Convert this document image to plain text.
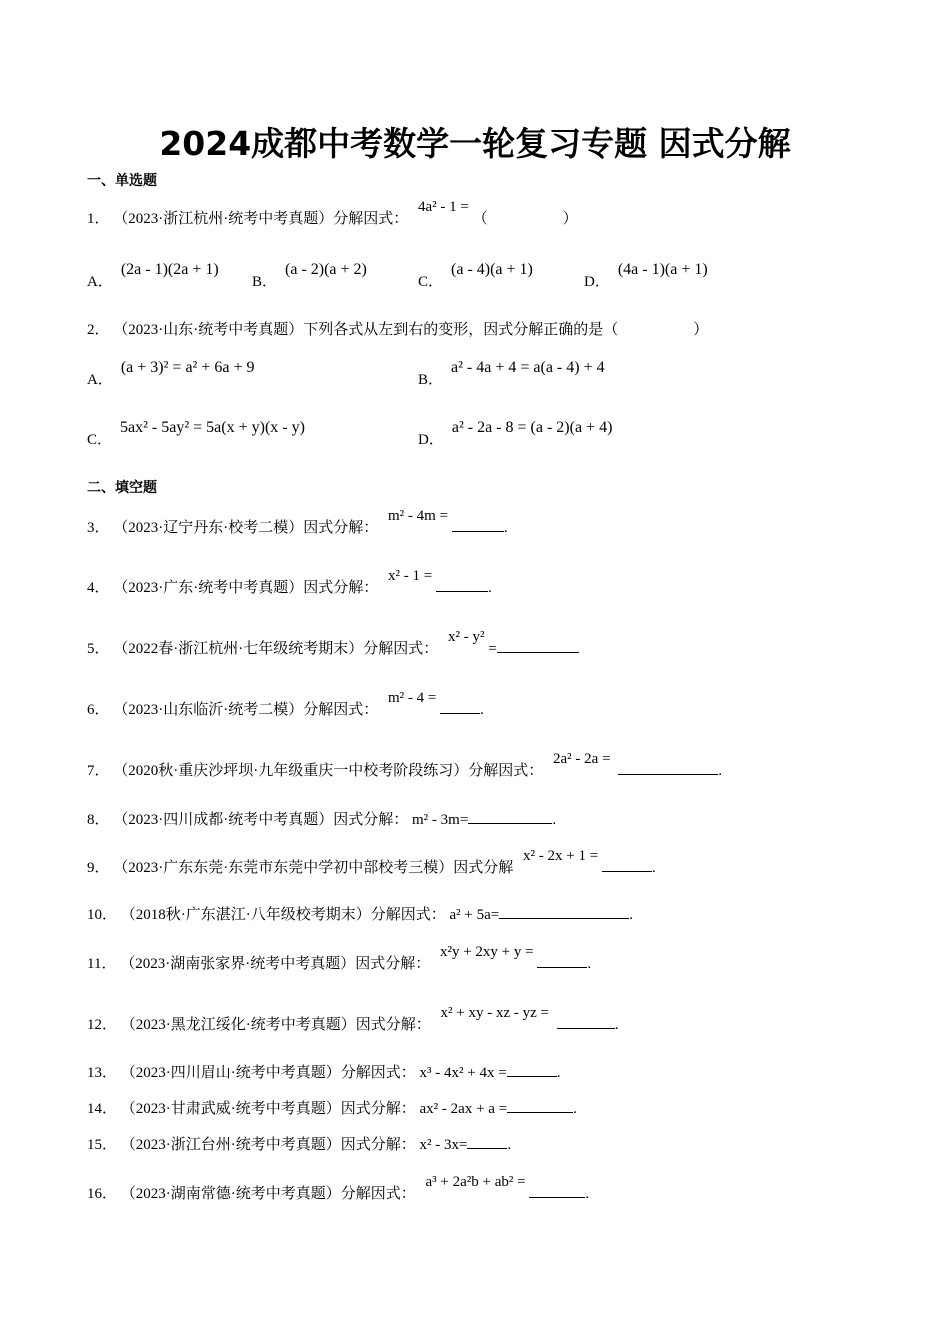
2024成都中考数学一轮复习专题 因式分解
一、单选题
1． （2023·浙江杭州·统考中考真题）分解因式： 4a² - 1 = （　　　　　）
A．(2a - 1)(2a + 1)
B．(a - 2)(a + 2)
C．(a - 4)(a + 1)
D．(4a - 1)(a + 1)
2． （2023·山东·统考中考真题）下列各式从左到右的变形，因式分解正确的是（　　　　　）
A．(a + 3)² = a² + 6a + 9
B．a² - 4a + 4 = a(a - 4) + 4
C．5ax² - 5ay² = 5a(x + y)(x - y)
D．a² - 2a - 8 = (a - 2)(a + 4)
二、填空题
3． （2023·辽宁丹东·校考二模）因式分解： m² - 4m = .
4． （2023·广东·统考中考真题）因式分解： x² - 1 = .
5． （2022春·浙江杭州·七年级统考期末）分解因式： x² - y² =
6． （2023·山东临沂·统考二模）分解因式： m² - 4 = .
7． （2020秋·重庆沙坪坝·九年级重庆一中校考阶段练习）分解因式： 2a² - 2a = .
8． （2023·四川成都·统考中考真题）因式分解： m² - 3m=	.
9． （2023·广东东莞·东莞市东莞中学初中部校考三模）因式分解 x² - 2x + 1 = .
10． （2018秋·广东湛江·八年级校考期末）分解因式： a² + 5a=	.
11． （2023·湖南张家界·统考中考真题）因式分解： x²y + 2xy + y = .
12． （2023·黑龙江绥化·统考中考真题）因式分解： x² + xy - xz - yz = .
13． （2023·四川眉山·统考中考真题）分解因式： x³ - 4x² + 4x =	.
14． （2023·甘肃武威·统考中考真题）因式分解： ax² - 2ax + a =	.
15． （2023·浙江台州·统考中考真题）因式分解： x² - 3x=	.
16． （2023·湖南常德·统考中考真题）分解因式： a³ + 2a²b + ab² = .
